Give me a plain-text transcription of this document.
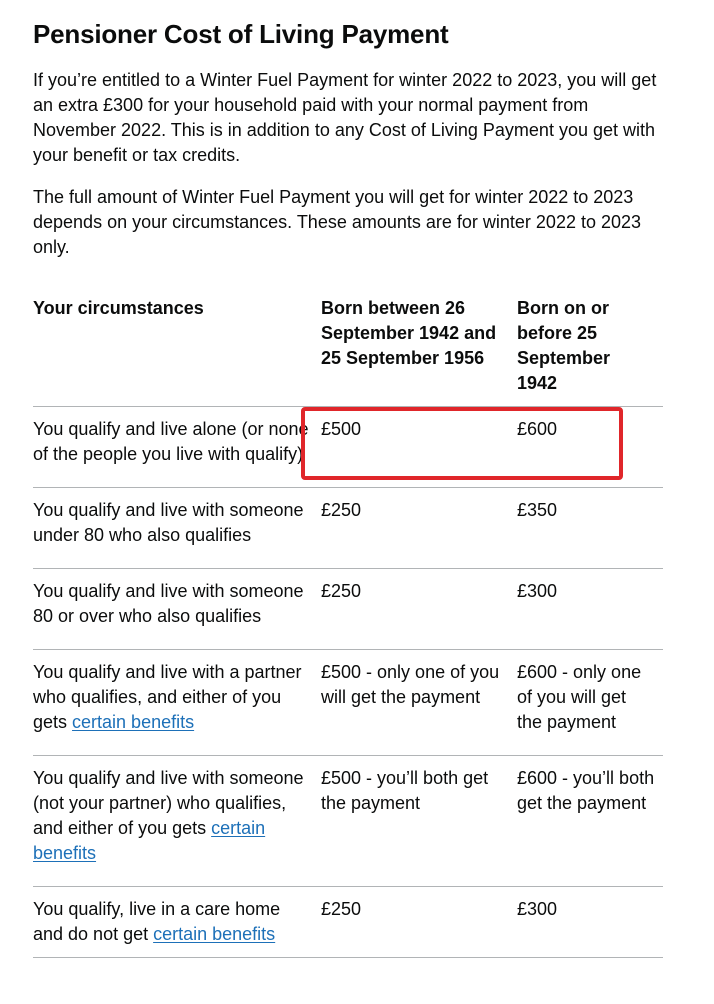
Pensioner Cost of Living Payment

If you’re entitled to a Winter Fuel Payment for winter 2022 to 2023, you will get an extra £300 for your household paid with your normal payment from November 2022. This is in addition to any Cost of Living Payment you get with your benefit or tax credits.

The full amount of Winter Fuel Payment you will get for winter 2022 to 2023 depends on your circumstances. These amounts are for winter 2022 to 2023 only.

Your circumstances	Born between 26 September 1942 and 25 September 1956	Born on or before 25 September 1942

You qualify and live alone (or none of the people you live with qualify)	£500	£600

You qualify and live with someone under 80 who also qualifies	£250	£350

You qualify and live with someone 80 or over who also qualifies	£250	£300

You qualify and live with a partner who qualifies, and either of you gets certain benefits	£500 - only one of you will get the payment	£600 - only one of you will get the payment

You qualify and live with someone (not your partner) who qualifies, and either of you gets certain benefits	£500 - you’ll both get the payment	£600 - you’ll both get the payment

You qualify, live in a care home and do not get certain benefits	£250	£300
